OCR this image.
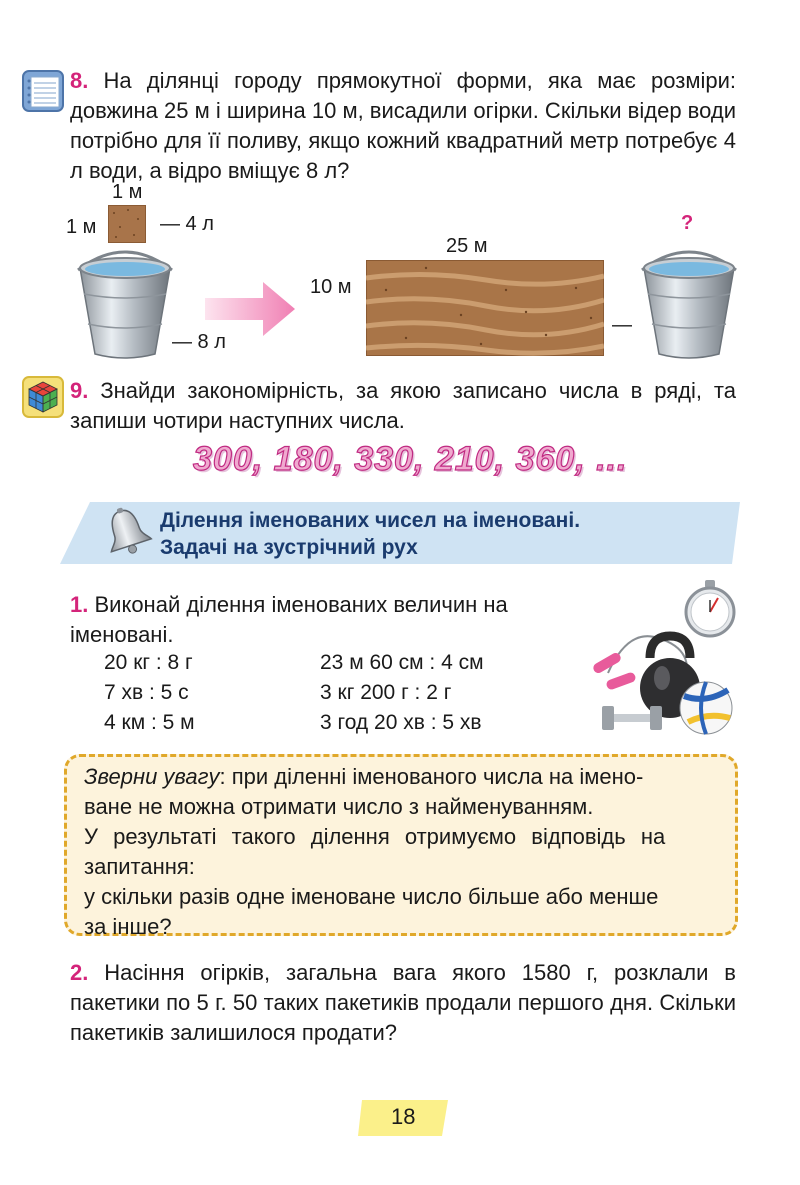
8. На ділянці городу прямокутної форми, яка має розміри: довжина 25 м і ширина 10 м, висадили огірки. Скільки відер води потрібно для її поливу, якщо кожний квадратний метр потребує 4 л води, а відро вміщує 8 л?
1 м
1 м	— 4 л
— 8 л
25 м
10 м
—
?
9. Знайди закономірність, за якою записано числа в ряді, та запиши чотири наступних числа.
300, 180, 330, 210, 360, ...
Ділення іменованих чисел на іменовані.
Задачі на зустрічний рух
1. Виконай ділення іменованих величин на
іменовані.
20 кг : 8 г
7 хв : 5 с
4 км : 5 м
23 м 60 см : 4 см
3 кг 200 г : 2 г
3 год 20 хв : 5 хв
Зверни увагу: при діленні іменованого числа на імено-
ване не можна отримати число з найменуванням.
У результаті такого ділення отримуємо відповідь на
запитання:
у скільки разів одне іменоване число більше або менше
за інше?
2. Насіння огірків, загальна вага якого 1580 г, розклали в пакетики по 5 г. 50 таких пакетиків продали першого дня. Скільки пакетиків залишилося продати?
18
